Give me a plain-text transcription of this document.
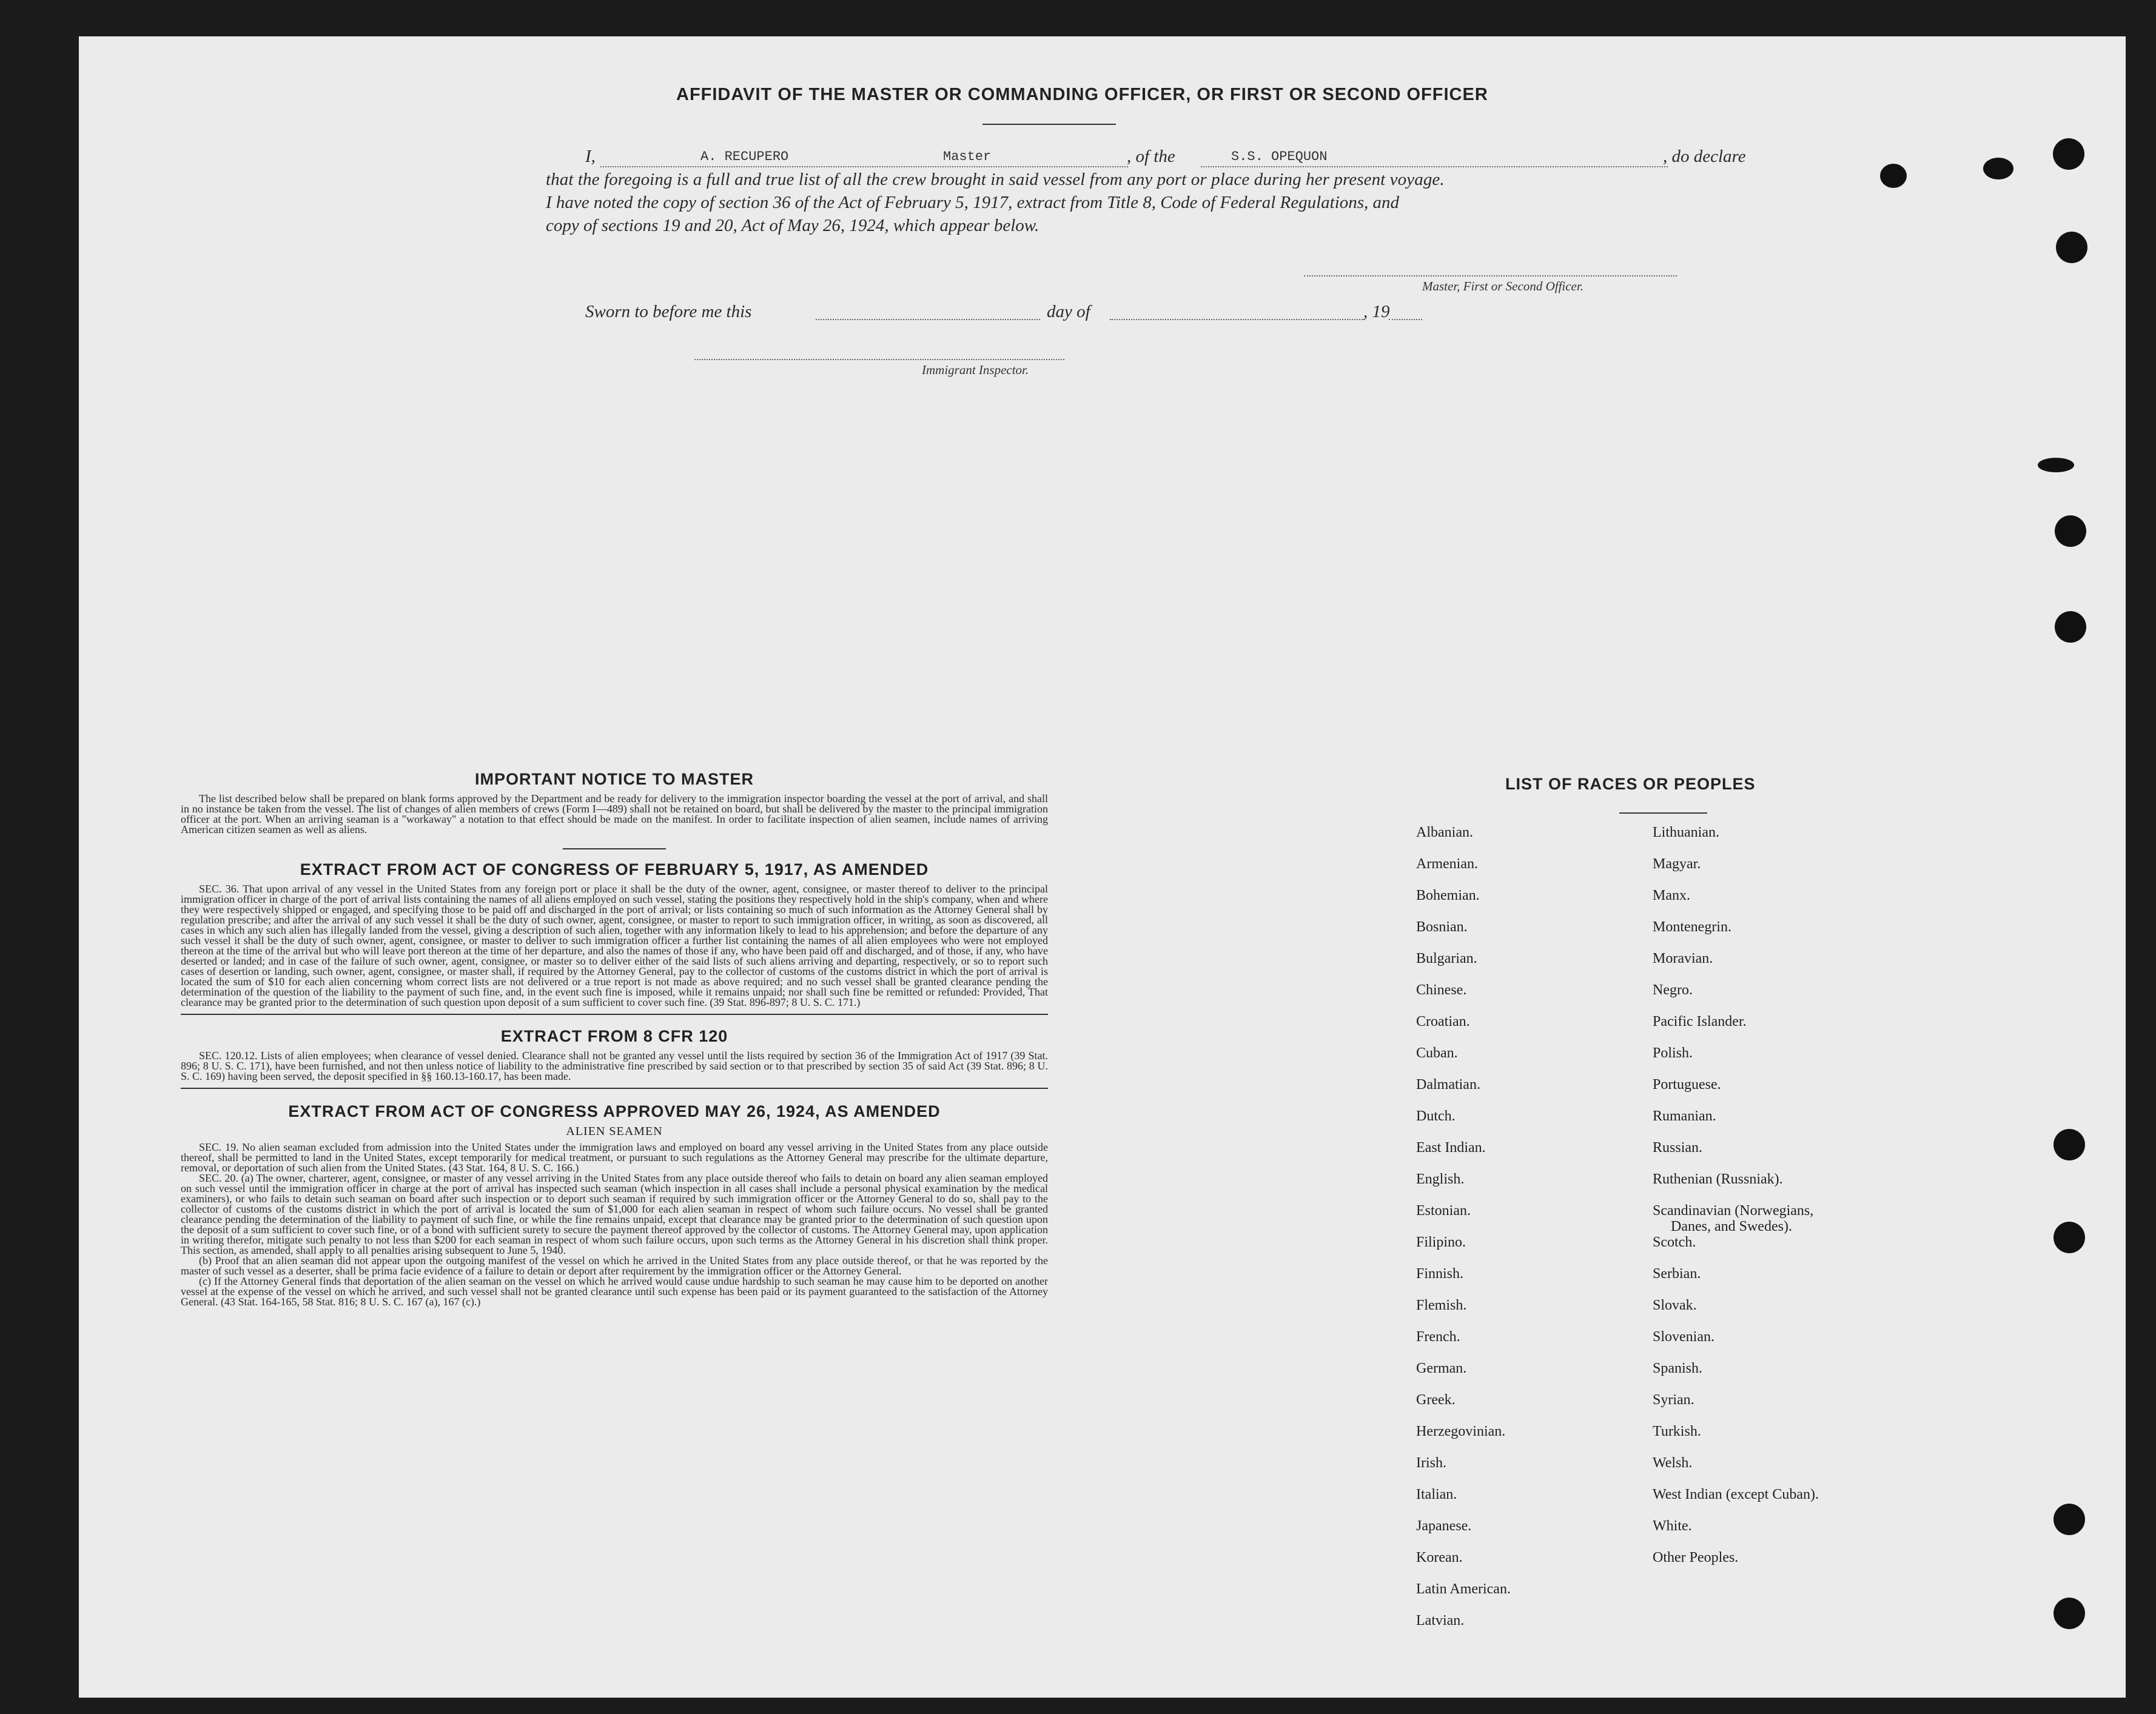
AFFIDAVIT OF THE MASTER OR COMMANDING OFFICER, OR FIRST OR SECOND OFFICER
I,	A. RECUPERO	Master	, of the	S.S. OPEQUON	, do declare
that the foregoing is a full and true list of all the crew brought in said vessel from any port or place during her present voyage.
I have noted the copy of section 36 of the Act of February 5, 1917, extract from Title 8, Code of Federal Regulations, and
copy of sections 19 and 20, Act of May 26, 1924, which appear below.
Master, First or Second Officer.
Sworn to before me this	day of	, 19
Immigrant Inspector.
IMPORTANT NOTICE TO MASTER
The list described below shall be prepared on blank forms approved by the Department and be ready for delivery to the immigration inspector boarding the vessel at the port of arrival, and shall in no instance be taken from the vessel. The list of changes of alien members of crews (Form I—489) shall not be retained on board, but shall be delivered by the master to the principal immigration officer at the port. When an arriving seaman is a "workaway" a notation to that effect should be made on the manifest. In order to facilitate inspection of alien seamen, include names of arriving American citizen seamen as well as aliens.
EXTRACT FROM ACT OF CONGRESS OF FEBRUARY 5, 1917, AS AMENDED
SEC. 36. That upon arrival of any vessel in the United States from any foreign port or place it shall be the duty of the owner, agent, consignee, or master thereof to deliver to the principal immigration officer in charge of the port of arrival lists containing the names of all aliens employed on such vessel, stating the positions they respectively hold in the ship's company, when and where they were respectively shipped or engaged, and specifying those to be paid off and discharged in the port of arrival; or lists containing so much of such information as the Attorney General shall by regulation prescribe; and after the arrival of any such vessel it shall be the duty of such owner, agent, consignee, or master to report to such immigration officer, in writing, as soon as discovered, all cases in which any such alien has illegally landed from the vessel, giving a description of such alien, together with any information likely to lead to his apprehension; and before the departure of any such vessel it shall be the duty of such owner, agent, consignee, or master to deliver to such immigration officer a further list containing the names of all alien employees who were not employed thereon at the time of the arrival but who will leave port thereon at the time of her departure, and also the names of those if any, who have been paid off and discharged, and of those, if any, who have deserted or landed; and in case of the failure of such owner, agent, consignee, or master so to deliver either of the said lists of such aliens arriving and departing, respectively, or so to report such cases of desertion or landing, such owner, agent, consignee, or master shall, if required by the Attorney General, pay to the collector of customs of the customs district in which the port of arrival is located the sum of $10 for each alien concerning whom correct lists are not delivered or a true report is not made as above required; and no such vessel shall be granted clearance pending the determination of the question of the liability to the payment of such fine, and, in the event such fine is imposed, while it remains unpaid; nor shall such fine be remitted or refunded: Provided, That clearance may be granted prior to the determination of such question upon deposit of a sum sufficient to cover such fine. (39 Stat. 896-897; 8 U. S. C. 171.)
EXTRACT FROM 8 CFR 120
SEC. 120.12. Lists of alien employees; when clearance of vessel denied. Clearance shall not be granted any vessel until the lists required by section 36 of the Immigration Act of 1917 (39 Stat. 896; 8 U. S. C. 171), have been furnished, and not then unless notice of liability to the administrative fine prescribed by said section or to that prescribed by section 35 of said Act (39 Stat. 896; 8 U. S. C. 169) having been served, the deposit specified in §§ 160.13-160.17, has been made.
EXTRACT FROM ACT OF CONGRESS APPROVED MAY 26, 1924, AS AMENDED
ALIEN SEAMEN
SEC. 19. No alien seaman excluded from admission into the United States under the immigration laws and employed on board any vessel arriving in the United States from any place outside thereof, shall be permitted to land in the United States, except temporarily for medical treatment, or pursuant to such regulations as the Attorney General may prescribe for the ultimate departure, removal, or deportation of such alien from the United States. (43 Stat. 164, 8 U. S. C. 166.)
SEC. 20. (a) The owner, charterer, agent, consignee, or master of any vessel arriving in the United States from any place outside thereof who fails to detain on board any alien seaman employed on such vessel until the immigration officer in charge at the port of arrival has inspected such seaman (which inspection in all cases shall include a personal physical examination by the medical examiners), or who fails to detain such seaman on board after such inspection or to deport such seaman if required by such immigration officer or the Attorney General to do so, shall pay to the collector of customs of the customs district in which the port of arrival is located the sum of $1,000 for each alien seaman in respect of whom such failure occurs. No vessel shall be granted clearance pending the determination of the liability to payment of such fine, or while the fine remains unpaid, except that clearance may be granted prior to the determination of such question upon the deposit of a sum sufficient to cover such fine, or of a bond with sufficient surety to secure the payment thereof approved by the collector of customs. The Attorney General may, upon application in writing therefor, mitigate such penalty to not less than $200 for each seaman in respect of whom such failure occurs, upon such terms as the Attorney General in his discretion shall think proper. This section, as amended, shall apply to all penalties arising subsequent to June 5, 1940.
(b) Proof that an alien seaman did not appear upon the outgoing manifest of the vessel on which he arrived in the United States from any place outside thereof, or that he was reported by the master of such vessel as a deserter, shall be prima facie evidence of a failure to detain or deport after requirement by the immigration officer or the Attorney General.
(c) If the Attorney General finds that deportation of the alien seaman on the vessel on which he arrived would cause undue hardship to such seaman he may cause him to be deported on another vessel at the expense of the vessel on which he arrived, and such vessel shall not be granted clearance until such expense has been paid or its payment guaranteed to the satisfaction of the Attorney General. (43 Stat. 164-165, 58 Stat. 816; 8 U. S. C. 167 (a), 167 (c).)
LIST OF RACES OR PEOPLES
Albanian.
Armenian.
Bohemian.
Bosnian.
Bulgarian.
Chinese.
Croatian.
Cuban.
Dalmatian.
Dutch.
East Indian.
English.
Estonian.
Filipino.
Finnish.
Flemish.
French.
German.
Greek.
Herzegovinian.
Irish.
Italian.
Japanese.
Korean.
Latin American.
Latvian.
Lithuanian.
Magyar.
Manx.
Montenegrin.
Moravian.
Negro.
Pacific Islander.
Polish.
Portuguese.
Rumanian.
Russian.
Ruthenian (Russniak).
Scandinavian (Norwegians,
Danes, and Swedes).
Scotch.
Serbian.
Slovak.
Slovenian.
Spanish.
Syrian.
Turkish.
Welsh.
West Indian (except Cuban).
White.
Other Peoples.
